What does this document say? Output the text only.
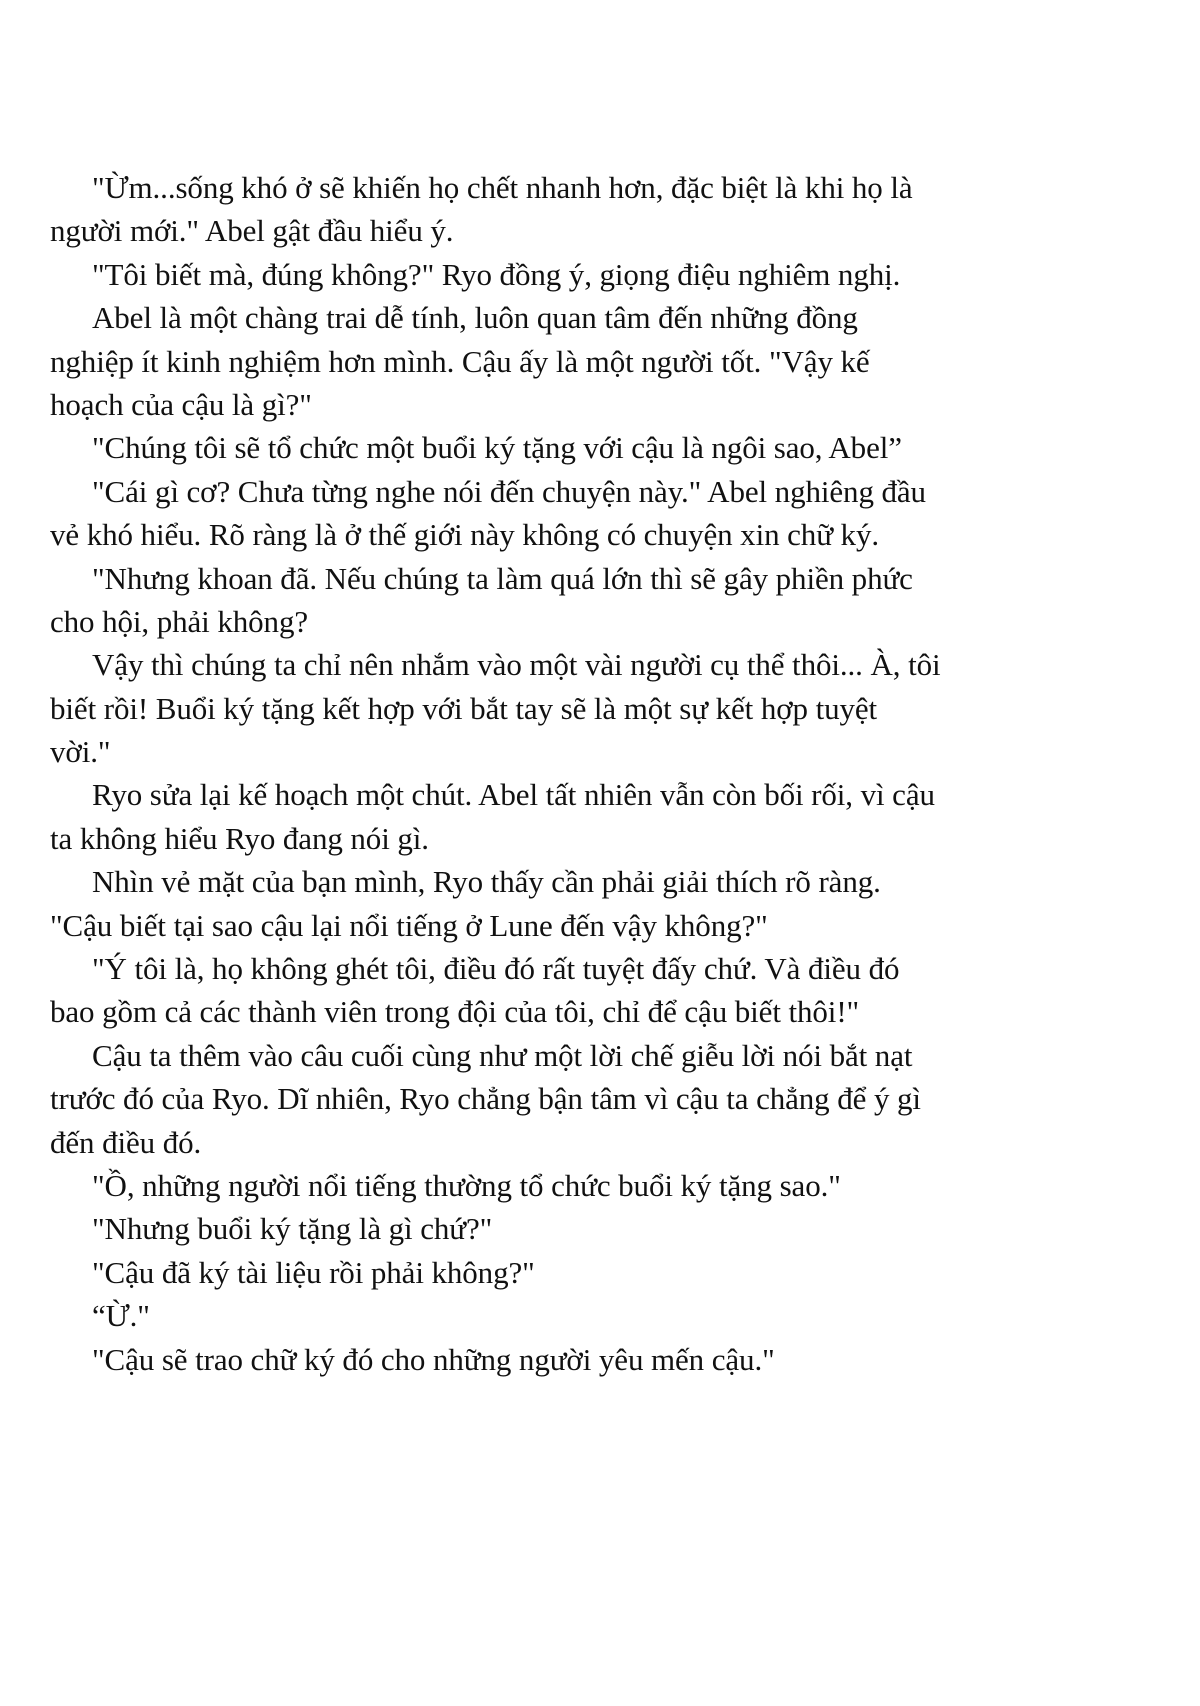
"Ừm...sống khó ở sẽ khiến họ chết nhanh hơn, đặc biệt là khi họ là
người mới." Abel gật đầu hiểu ý.

"Tôi biết mà, đúng không?" Ryo đồng ý, giọng điệu nghiêm nghị.

Abel là một chàng trai dễ tính, luôn quan tâm đến những đồng
nghiệp ít kinh nghiệm hơn mình. Cậu ấy là một người tốt. "Vậy kế
hoạch của cậu là gì?"

"Chúng tôi sẽ tổ chức một buổi ký tặng với cậu là ngôi sao, Abel”

"Cái gì cơ? Chưa từng nghe nói đến chuyện này." Abel nghiêng đầu
vẻ khó hiểu. Rõ ràng là ở thế giới này không có chuyện xin chữ ký.

"Nhưng khoan đã. Nếu chúng ta làm quá lớn thì sẽ gây phiền phức
cho hội, phải không?

Vậy thì chúng ta chỉ nên nhắm vào một vài người cụ thể thôi... À, tôi
biết rồi! Buổi ký tặng kết hợp với bắt tay sẽ là một sự kết hợp tuyệt
vời."

Ryo sửa lại kế hoạch một chút. Abel tất nhiên vẫn còn bối rối, vì cậu
ta không hiểu Ryo đang nói gì.

Nhìn vẻ mặt của bạn mình, Ryo thấy cần phải giải thích rõ ràng.
"Cậu biết tại sao cậu lại nổi tiếng ở Lune đến vậy không?"

"Ý tôi là, họ không ghét tôi, điều đó rất tuyệt đấy chứ. Và điều đó
bao gồm cả các thành viên trong đội của tôi, chỉ để cậu biết thôi!"

Cậu ta thêm vào câu cuối cùng như một lời chế giễu lời nói bắt nạt
trước đó của Ryo. Dĩ nhiên, Ryo chẳng bận tâm vì cậu ta chẳng để ý gì
đến điều đó.

"Ồ, những người nổi tiếng thường tổ chức buổi ký tặng sao."

"Nhưng buổi ký tặng là gì chứ?"

"Cậu đã ký tài liệu rồi phải không?"

“Ừ."

"Cậu sẽ trao chữ ký đó cho những người yêu mến cậu."
